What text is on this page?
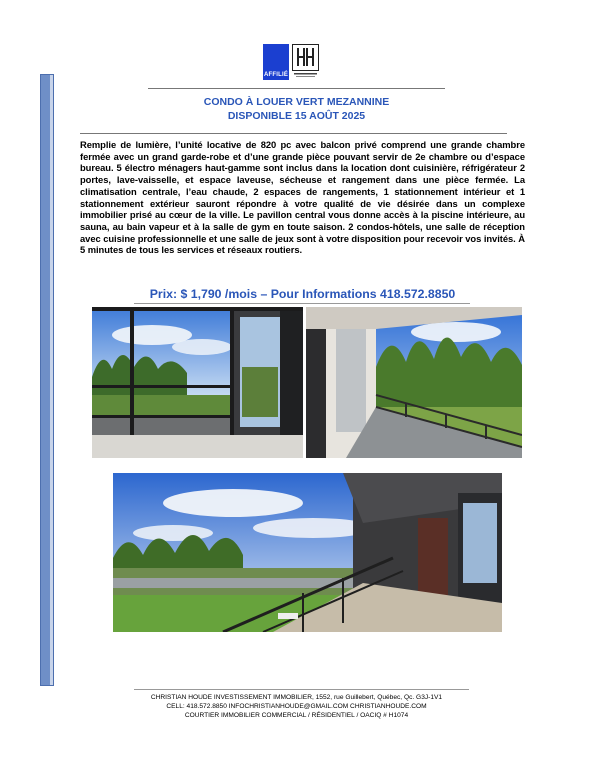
AFFILIÉ
CONDO À LOUER VERT MEZANNINE
DISPONIBLE 15 AOÛT 2025
Remplie de lumière, l’unité locative de 820 pc avec balcon privé comprend une grande chambre fermée avec un grand garde-robe et d’une grande pièce pouvant servir de 2e chambre ou d’espace bureau. 5 électro ménagers haut-gamme sont inclus dans la location dont cuisinière, réfrigérateur 2 portes, lave-vaisselle, et espace laveuse, sécheuse et rangement dans une pièce fermée. La climatisation centrale, l’eau chaude, 2 espaces de rangements, 1 stationnement intérieur et 1 stationnement extérieur sauront répondre à votre qualité de vie désirée dans un complexe immobilier prisé au cœur de la ville. Le pavillon central vous donne accès à la piscine intérieure, au sauna, au bain vapeur et à la salle de gym en toute saison. 2 condos-hôtels, une salle de réception avec cuisine professionnelle et une salle de jeux sont à votre disposition pour recevoir vos invités. À 5 minutes de tous les services et réseaux routiers.
Prix: $ 1,790 /mois – Pour Informations 418.572.8850
CHRISTIAN HOUDE INVESTISSEMENT IMMOBILIER, 1552, rue Guillebert, Québec, Qc. G3J-1V1
CELL: 418.572.8850 INFOCHRISTIANHOUDE@GMAIL.COM CHRISTIANHOUDE.COM
COURTIER IMMOBILIER COMMERCIAL / RÉSIDENTIEL / OACIQ # H1074
